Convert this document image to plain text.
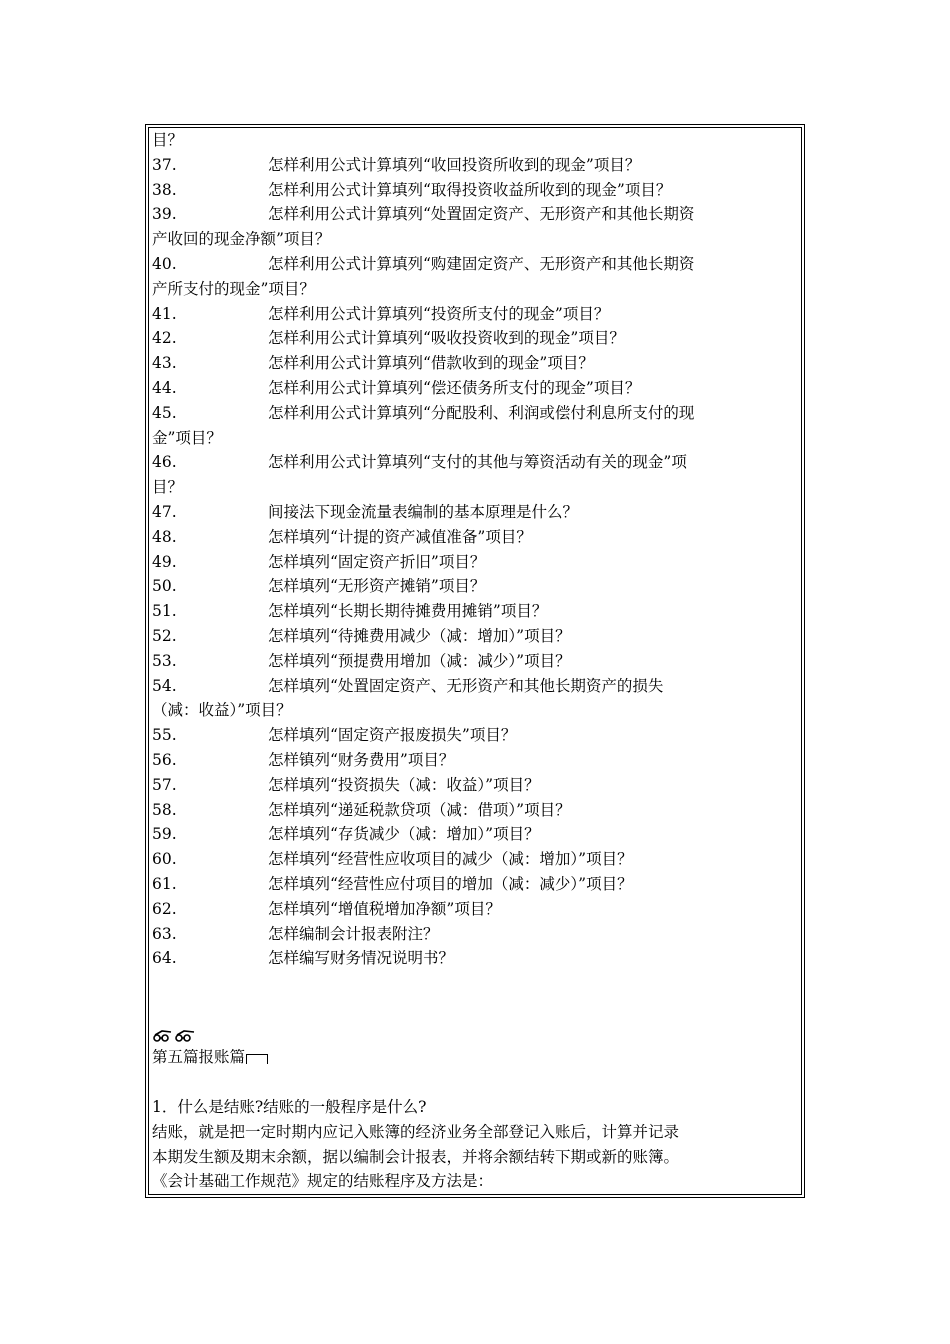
目？
37.	怎样利用公式计算填列“收回投资所收到的现金”项目？
38.	怎样利用公式计算填列“取得投资收益所收到的现金”项目？
39.	怎样利用公式计算填列“处置固定资产、无形资产和其他长期资
产收回的现金净额”项目？
40.	怎样利用公式计算填列“购建固定资产、无形资产和其他长期资
产所支付的现金”项目？
41.	怎样利用公式计算填列“投资所支付的现金”项目？
42.	怎样利用公式计算填列“吸收投资收到的现金”项目？
43.	怎样利用公式计算填列“借款收到的现金”项目？
44.	怎样利用公式计算填列“偿还债务所支付的现金”项目？
45.	怎样利用公式计算填列“分配股利、利润或偿付利息所支付的现
金”项目？
46.	怎样利用公式计算填列“支付的其他与筹资活动有关的现金”项
目？
47.	间接法下现金流量表编制的基本原理是什么？
48.	怎样填列“计提的资产减值准备”项目？
49.	怎样填列“固定资产折旧”项目？
50.	怎样填列“无形资产摊销”项目？
51.	怎样填列“长期长期待摊费用摊销”项目？
52.	怎样填列“待摊费用减少（减：增加）”项目？
53.	怎样填列“预提费用增加（减：减少）”项目？
54.	怎样填列“处置固定资产、无形资产和其他长期资产的损失
（减：收益）”项目？
55.	怎样填列“固定资产报废损失”项目？
56.	怎样镇列“财务费用”项目？
57.	怎样填列“投资损失（减：收益）”项目？
58.	怎样填列“递延税款贷项（减：借项）”项目？
59.	怎样填列“存货减少（减：增加）”项目？
60.	怎样填列“经营性应收项目的减少（减：增加）”项目？
61.	怎样填列“经营性应付项目的增加（减：减少）”项目？
62.	怎样填列“增值税增加净额”项目？
63.	怎样编制会计报表附注？
64.	怎样编写财务情况说明书？
第五篇报账篇
1．什么是结账?结账的一般程序是什么?
结账，就是把一定时期内应记入账簿的经济业务全部登记入账后，计算并记录
本期发生额及期末余额，据以编制会计报表，并将余额结转下期或新的账簿。
《会计基础工作规范》规定的结账程序及方法是：
